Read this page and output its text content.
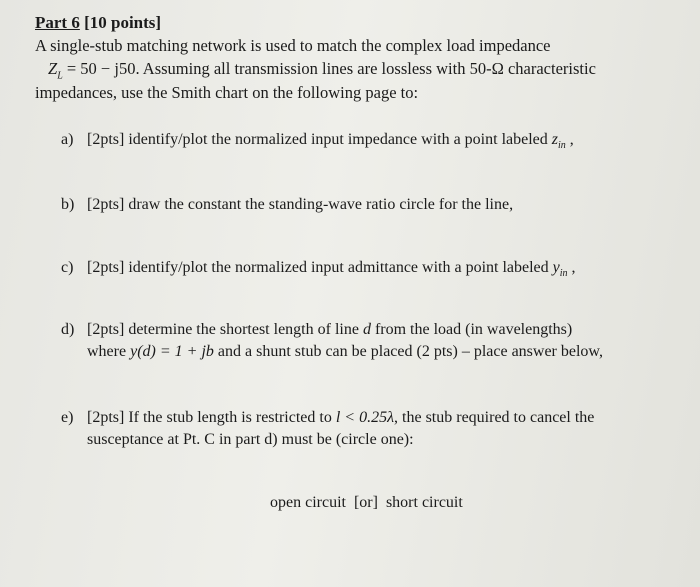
Part 6 [10 points]
A single-stub matching network is used to match the complex load impedance
$Z_L = 50 - j50$. Assuming all transmission lines are lossless with 50-Ω characteristic
impedances, use the Smith chart on the following page to:
a) [2pts] identify/plot the normalized input impedance with a point labeled $z_{in}$ ,
b) [2pts] draw the constant the standing-wave ratio circle for the line,
c) [2pts] identify/plot the normalized input admittance with a point labeled $y_{in}$ ,
d) [2pts] determine the shortest length of line d from the load (in wavelengths)
where y(d) = 1 + jb and a shunt stub can be placed (2 pts) – place answer below,
e) [2pts] If the stub length is restricted to l < 0.25λ, the stub required to cancel the
susceptance at Pt. C in part d) must be (circle one):
open circuit [or] short circuit
